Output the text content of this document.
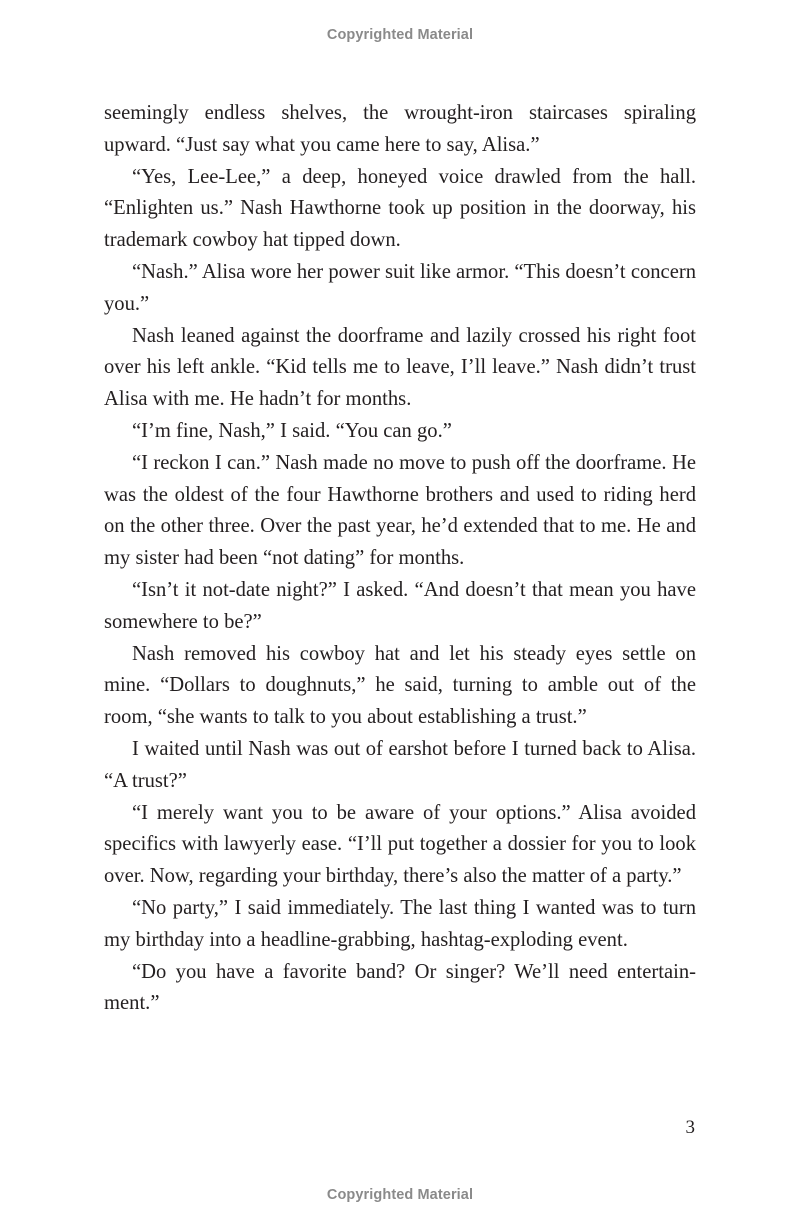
Copyrighted Material

seemingly endless shelves, the wrought-iron staircases spiraling upward. “Just say what you came here to say, Alisa.”

“Yes, Lee-Lee,” a deep, honeyed voice drawled from the hall. “Enlighten us.” Nash Hawthorne took up position in the doorway, his trademark cowboy hat tipped down.

“Nash.” Alisa wore her power suit like armor. “This doesn’t concern you.”

Nash leaned against the doorframe and lazily crossed his right foot over his left ankle. “Kid tells me to leave, I’ll leave.” Nash didn’t trust Alisa with me. He hadn’t for months.

“I’m fine, Nash,” I said. “You can go.”

“I reckon I can.” Nash made no move to push off the doorframe. He was the oldest of the four Hawthorne brothers and used to riding herd on the other three. Over the past year, he’d extended that to me. He and my sister had been “not dating” for months.

“Isn’t it not-date night?” I asked. “And doesn’t that mean you have somewhere to be?”

Nash removed his cowboy hat and let his steady eyes settle on mine. “Dollars to doughnuts,” he said, turning to amble out of the room, “she wants to talk to you about establishing a trust.”

I waited until Nash was out of earshot before I turned back to Alisa. “A trust?”

“I merely want you to be aware of your options.” Alisa avoided specifics with lawyerly ease. “I’ll put together a dossier for you to look over. Now, regarding your birthday, there’s also the matter of a party.”

“No party,” I said immediately. The last thing I wanted was to turn my birthday into a headline-grabbing, hashtag-exploding event.

“Do you have a favorite band? Or singer? We’ll need entertainment.”

3
Copyrighted Material
